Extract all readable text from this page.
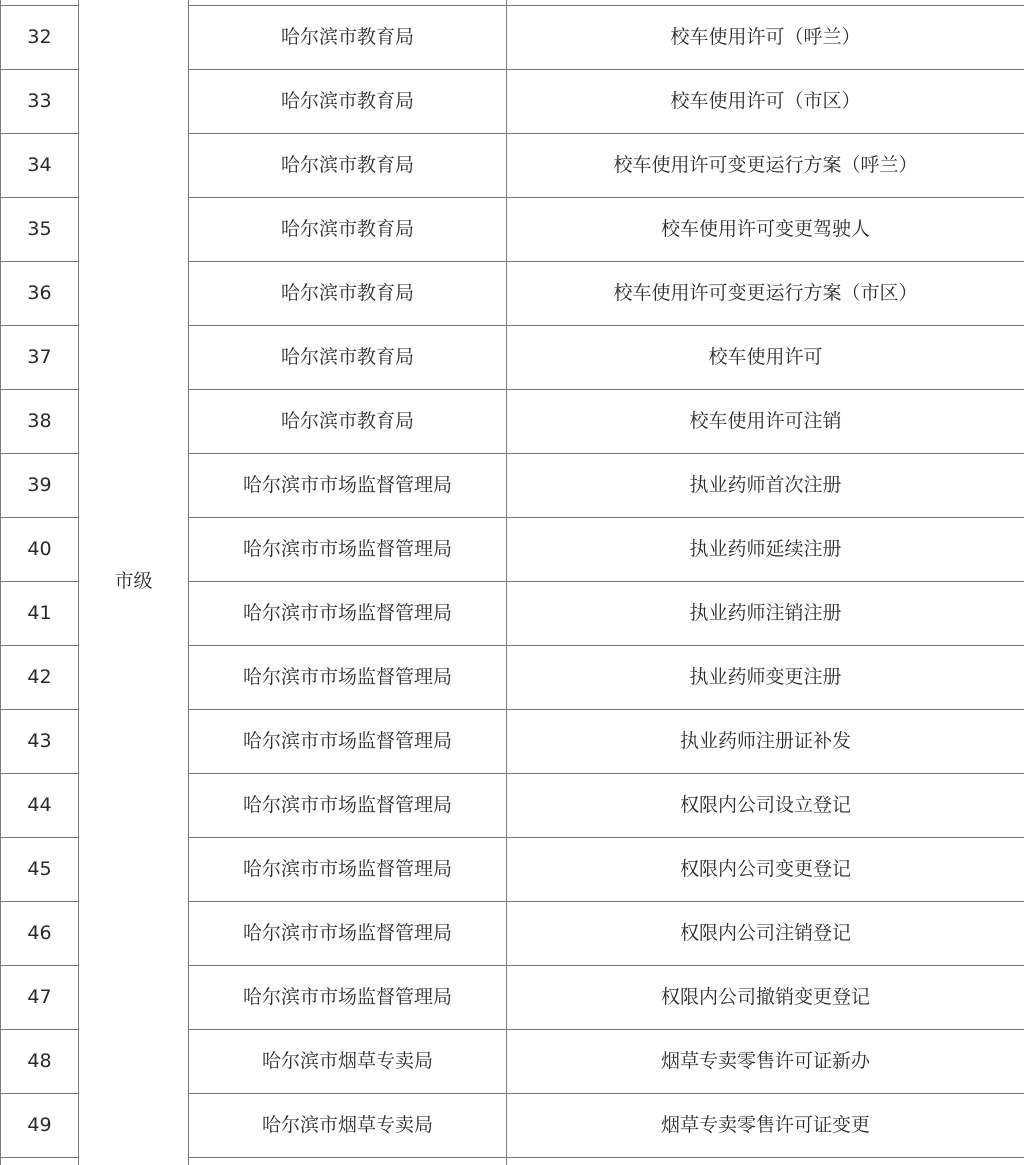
	市级		
32		哈尔滨市教育局	校车使用许可（呼兰）
33		哈尔滨市教育局	校车使用许可（市区）
34		哈尔滨市教育局	校车使用许可变更运行方案（呼兰）
35		哈尔滨市教育局	校车使用许可变更驾驶人
36		哈尔滨市教育局	校车使用许可变更运行方案（市区）
37		哈尔滨市教育局	校车使用许可
38		哈尔滨市教育局	校车使用许可注销
39		哈尔滨市市场监督管理局	执业药师首次注册
40		哈尔滨市市场监督管理局	执业药师延续注册
41		哈尔滨市市场监督管理局	执业药师注销注册
42		哈尔滨市市场监督管理局	执业药师变更注册
43		哈尔滨市市场监督管理局	执业药师注册证补发
44		哈尔滨市市场监督管理局	权限内公司设立登记
45		哈尔滨市市场监督管理局	权限内公司变更登记
46		哈尔滨市市场监督管理局	权限内公司注销登记
47		哈尔滨市市场监督管理局	权限内公司撤销变更登记
48		哈尔滨市烟草专卖局	烟草专卖零售许可证新办
49		哈尔滨市烟草专卖局	烟草专卖零售许可证变更
